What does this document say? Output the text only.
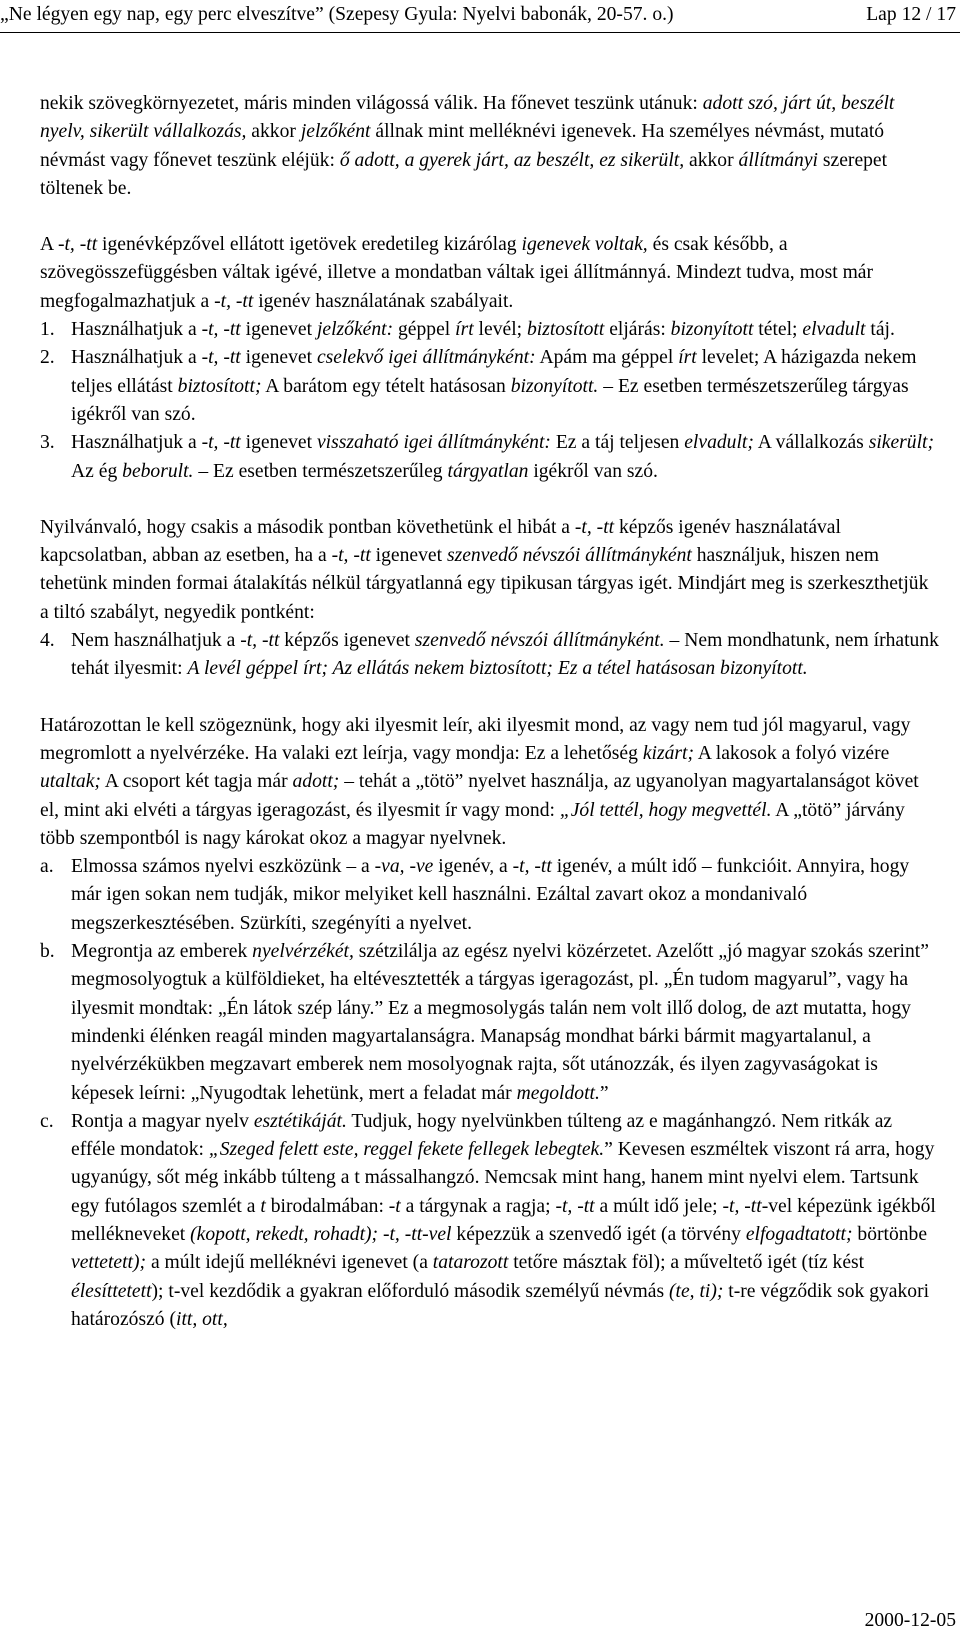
„Ne légyen egy nap, egy perc elveszítve” (Szepesy Gyula: Nyelvi babonák, 20-57. o.)	Lap 12 / 17

nekik szövegkörnyezetet, máris minden világossá válik. Ha főnevet teszünk utánuk: adott szó, járt út, beszélt nyelv, sikerült vállalkozás, akkor jelzőként állnak mint melléknévi igenevek. Ha személyes névmást, mutató névmást vagy főnevet teszünk eléjük: ő adott, a gyerek járt, az beszélt, ez sikerült, akkor állítmányi szerepet töltenek be.

A -t, -tt igenévképzővel ellátott igetövek eredetileg kizárólag igenevek voltak, és csak később, a szövegösszefüggésben váltak igévé, illetve a mondatban váltak igei állítmánnyá. Mindezt tudva, most már megfogalmazhatjuk a -t, -tt igenév használatának szabályait.

1. Használhatjuk a -t, -tt igenevet jelzőként: géppel írt levél; biztosított eljárás: bizonyított tétel; elvadult táj.
2. Használhatjuk a -t, -tt igenevet cselekvő igei állítmányként: Apám ma géppel írt levelet; A házigazda nekem teljes ellátást biztosított; A barátom egy tételt hatásosan bizonyított. – Ez esetben természetszerűleg tárgyas igékről van szó.
3. Használhatjuk a -t, -tt igenevet visszaható igei állítmányként: Ez a táj teljesen elvadult; A vállalkozás sikerült; Az ég beborult. – Ez esetben természetszerűleg tárgyatlan igékről van szó.

Nyilvánvaló, hogy csakis a második pontban követhetünk el hibát a -t, -tt képzős igenév használatával kapcsolatban, abban az esetben, ha a -t, -tt igenevet szenvedő névszói állítmányként használjuk, hiszen nem tehetünk minden formai átalakítás nélkül tárgyatlanná egy tipikusan tárgyas igét. Mindjárt meg is szerkeszthetjük a tiltó szabályt, negyedik pontként:

4. Nem használhatjuk a -t, -tt képzős igenevet szenvedő névszói állítmányként. – Nem mondhatunk, nem írhatunk tehát ilyesmit: A levél géppel írt; Az ellátás nekem biztosított; Ez a tétel hatásosan bizonyított.

Határozottan le kell szögeznünk, hogy aki ilyesmit leír, aki ilyesmit mond, az vagy nem tud jól magyarul, vagy megromlott a nyelvérzéke. Ha valaki ezt leírja, vagy mondja: Ez a lehetőség kizárt; A lakosok a folyó vizére utaltak; A csoport két tagja már adott; – tehát a „tötö” nyelvet használja, az ugyanolyan magyartalanságot követ el, mint aki elvéti a tárgyas igeragozást, és ilyesmit ír vagy mond: „Jól tettél, hogy megvettél. A „tötö” járvány több szempontból is nagy károkat okoz a magyar nyelvnek.

a. Elmossa számos nyelvi eszközünk – a -va, -ve igenév, a -t, -tt igenév, a múlt idő – funkcióit. Annyira, hogy már igen sokan nem tudják, mikor melyiket kell használni. Ezáltal zavart okoz a mondanivaló megszerkesztésében. Szürkíti, szegényíti a nyelvet.
b. Megrontja az emberek nyelvérzékét, szétzilálja az egész nyelvi közérzetet. Azelőtt „jó magyar szokás szerint” megmosolyogtuk a külföldieket, ha eltévesztették a tárgyas igeragozást, pl. „Én tudom magyarul”, vagy ha ilyesmit mondtak: „Én látok szép lány.” Ez a megmosolygás talán nem volt illő dolog, de azt mutatta, hogy mindenki élénken reagál minden magyartalanságra. Manapság mondhat bárki bármit magyartalanul, a nyelvérzékükben megzavart emberek nem mosolyognak rajta, sőt utánozzák, és ilyen zagyvaságokat is képesek leírni: „Nyugodtak lehetünk, mert a feladat már megoldott.”
c. Rontja a magyar nyelv esztétikáját. Tudjuk, hogy nyelvünkben túlteng az e magánhangzó. Nem ritkák az efféle mondatok: „Szeged felett este, reggel fekete fellegek lebegtek.” Kevesen eszméltek viszont rá arra, hogy ugyanúgy, sőt még inkább túlteng a t mássalhangzó. Nemcsak mint hang, hanem mint nyelvi elem. Tartsunk egy futólagos szemlét a t birodalmában: -t a tárgynak a ragja; -t, -tt a múlt idő jele; -t, -tt-vel képezünk igékből mellékneveket (kopott, rekedt, rohadt); -t, -tt-vel képezzük a szenvedő igét (a törvény elfogadtatott; börtönbe vettetett); a múlt idejű melléknévi igenevet (a tatarozott tetőre másztak föl); a műveltető igét (tíz kést élesíttetett); t-vel kezdődik a gyakran előforduló második személyű névmás (te, ti); t-re végződik sok gyakori határozószó (itt, ott,
2000-12-05
